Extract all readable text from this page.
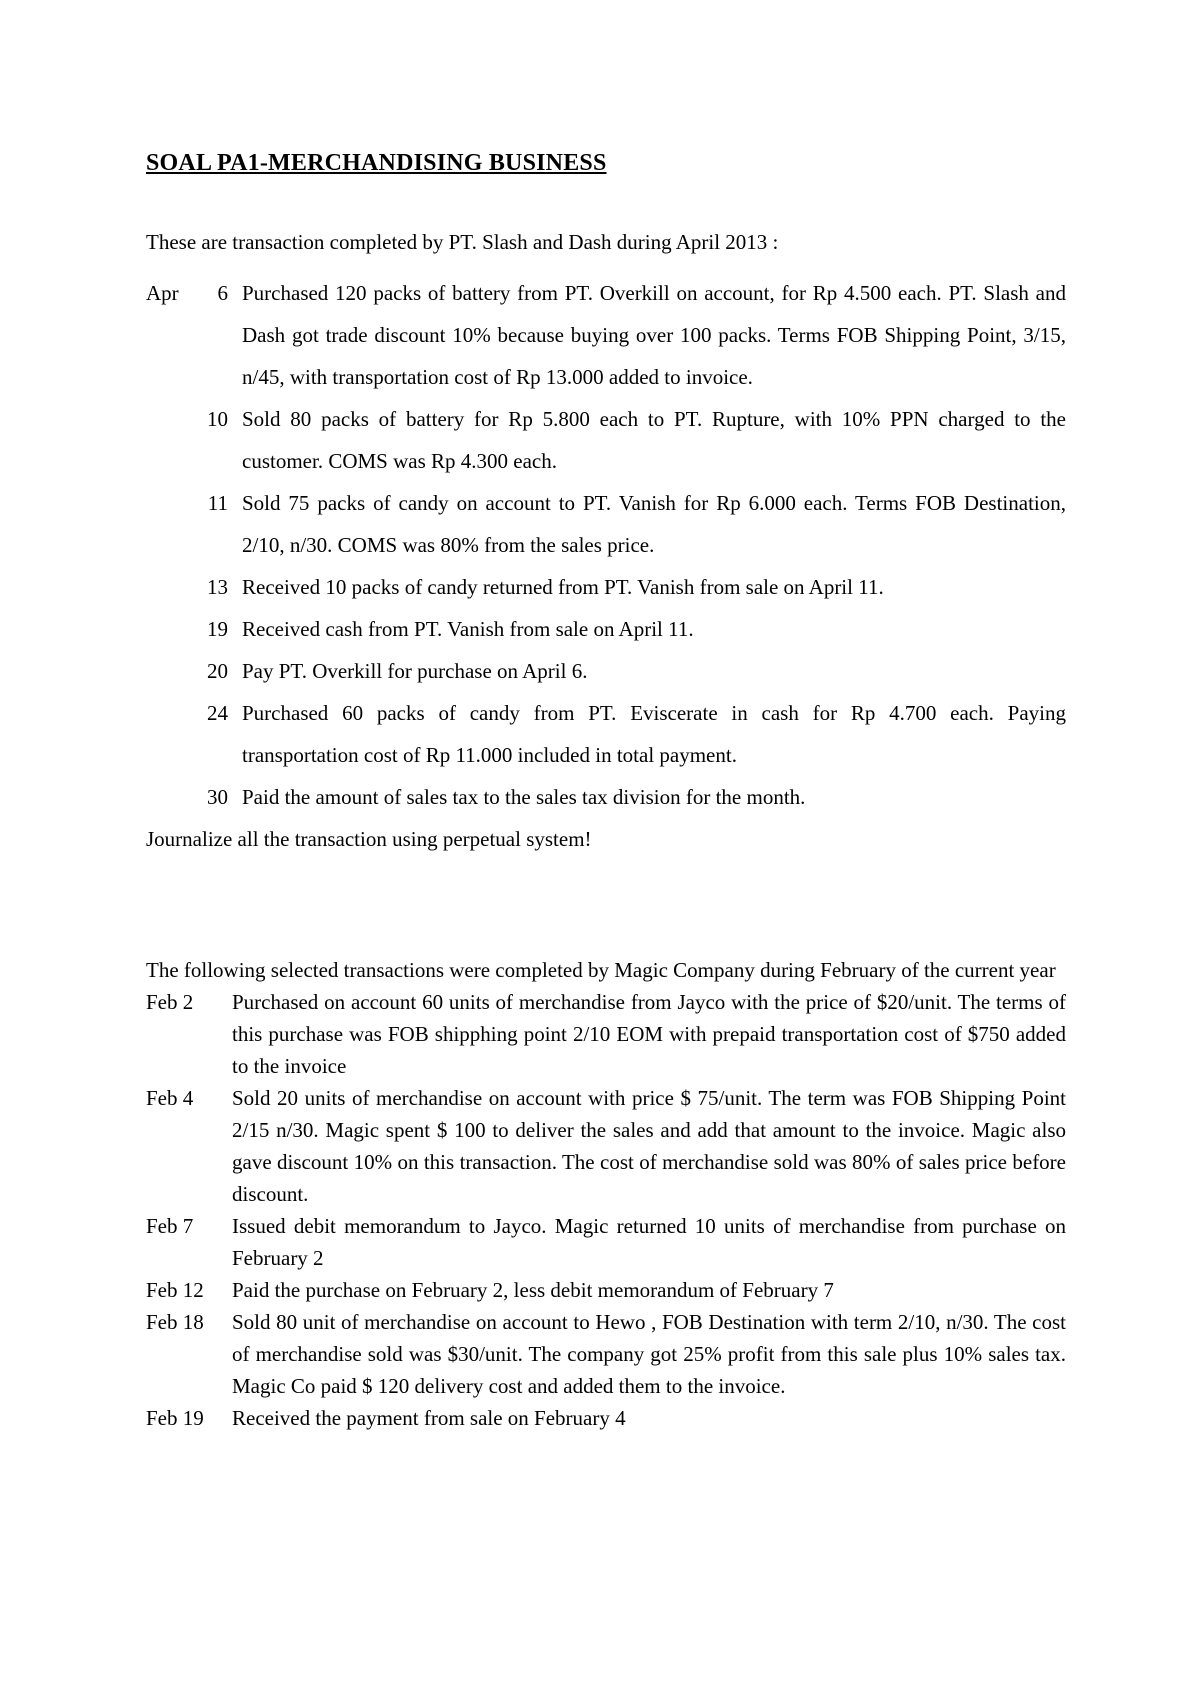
SOAL PA1-MERCHANDISING BUSINESS
These are transaction completed by PT. Slash and Dash during April 2013 :
Apr	6 Purchased 120 packs of battery from PT. Overkill on account, for Rp 4.500 each. PT. Slash and Dash got trade discount 10% because buying over 100 packs. Terms FOB Shipping Point, 3/15, n/45, with transportation cost of Rp 13.000 added to invoice.
10 Sold 80 packs of battery for Rp 5.800 each to PT. Rupture, with 10% PPN charged to the customer. COMS was Rp 4.300 each.
11 Sold 75 packs of candy on account to PT. Vanish for Rp 6.000 each. Terms FOB Destination, 2/10, n/30. COMS was 80% from the sales price.
13 Received 10 packs of candy returned from PT. Vanish from sale on April 11.
19 Received cash from PT. Vanish from sale on April 11.
20 Pay PT. Overkill for purchase on April 6.
24 Purchased 60 packs of candy from PT. Eviscerate in cash for Rp 4.700 each. Paying transportation cost of Rp 11.000 included in total payment.
30 Paid the amount of sales tax to the sales tax division for the month.
Journalize all the transaction using perpetual system!
The following selected transactions were completed by Magic Company during February of the current year
Feb 2	Purchased on account 60 units of merchandise from Jayco with the price of $20/unit. The terms of this purchase was FOB shipphing point 2/10 EOM with prepaid transportation cost of $750 added to the invoice
Feb 4	Sold 20 units of merchandise on account with price $ 75/unit. The term was FOB Shipping Point 2/15 n/30. Magic spent $ 100 to deliver the sales and add that amount to the invoice. Magic also gave discount 10% on this transaction. The cost of merchandise sold was 80% of sales price before discount.
Feb 7	Issued debit memorandum to Jayco. Magic returned 10 units of merchandise from purchase on February 2
Feb 12	Paid the purchase on February 2, less debit memorandum of February 7
Feb 18	Sold 80 unit of merchandise on account to Hewo , FOB Destination with term 2/10, n/30. The cost of merchandise sold was $30/unit. The company got 25% profit from this sale plus 10% sales tax. Magic Co paid $ 120 delivery cost and added them to the invoice.
Feb 19	Received the payment from sale on February 4
